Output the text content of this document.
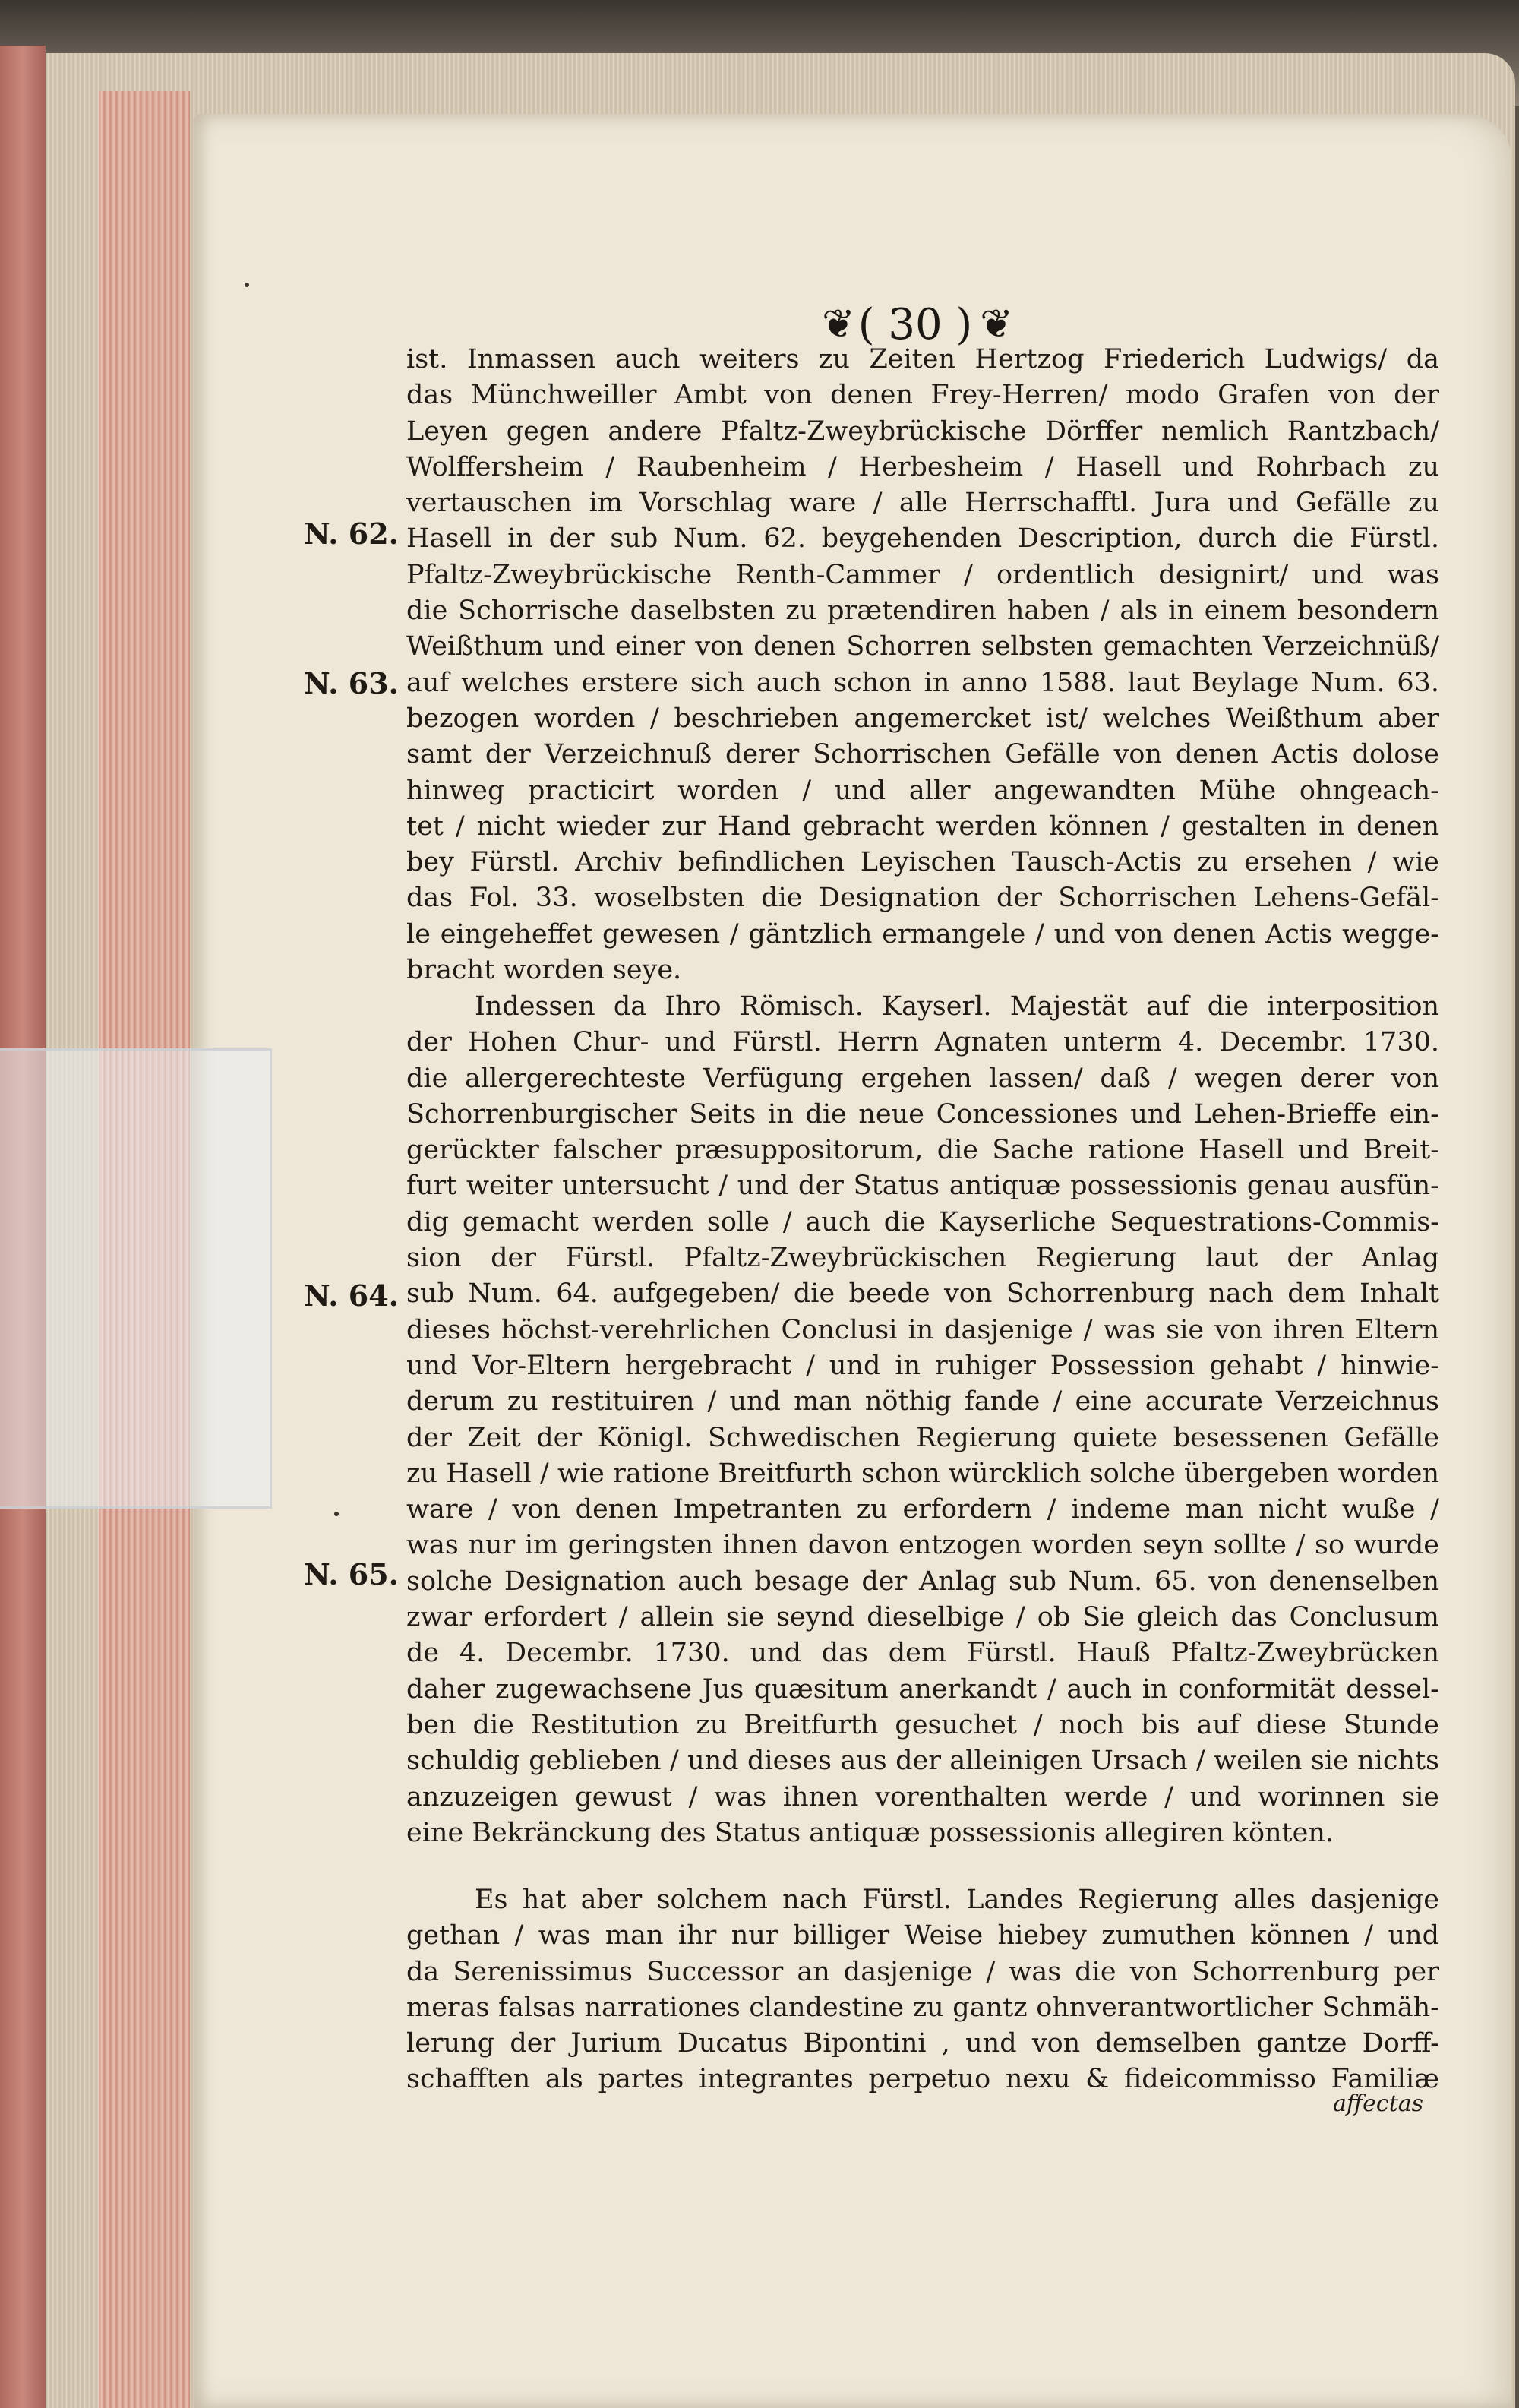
❦ ( 30 ) ❦
N. 62.
N. 63.
N. 64.
N. 65.
ist. Inmassen auch weiters zu Zeiten Hertzog Friederich Ludwigs/ da
das Münchweiller Ambt von denen Frey-Herren/ modo Grafen von der
Leyen gegen andere Pfaltz-Zweybrückische Dörffer nemlich Rantzbach/
Wolffersheim / Raubenheim / Herbesheim / Hasell und Rohrbach zu
vertauschen im Vorschlag ware / alle Herrschafftl. Jura und Gefälle zu
Hasell in der sub Num. 62. beygehenden Description, durch die Fürstl.
Pfaltz-Zweybrückische Renth-Cammer / ordentlich designirt/ und was
die Schorrische daselbsten zu prætendiren haben / als in einem besondern
Weißthum und einer von denen Schorren selbsten gemachten Verzeichnüß/
auf welches erstere sich auch schon in anno 1588. laut Beylage Num. 63.
bezogen worden / beschrieben angemercket ist/ welches Weißthum aber
samt der Verzeichnuß derer Schorrischen Gefälle von denen Actis dolose
hinweg practicirt worden / und aller angewandten Mühe ohngeach-
tet / nicht wieder zur Hand gebracht werden können / gestalten in denen
bey Fürstl. Archiv befindlichen Leyischen Tausch-Actis zu ersehen / wie
das Fol. 33. woselbsten die Designation der Schorrischen Lehens-Gefäl-
le eingeheffet gewesen / gäntzlich ermangele / und von denen Actis wegge-
bracht worden seye.
Indessen da Ihro Römisch. Kayserl. Majestät auf die interposition
der Hohen Chur- und Fürstl. Herrn Agnaten unterm 4. Decembr. 1730.
die allergerechteste Verfügung ergehen lassen/ daß / wegen derer von
Schorrenburgischer Seits in die neue Concessiones und Lehen-Brieffe ein-
gerückter falscher præsuppositorum, die Sache ratione Hasell und Breit-
furt weiter untersucht / und der Status antiquæ possessionis genau ausfün-
dig gemacht werden solle / auch die Kayserliche Sequestrations-Commis-
sion der Fürstl. Pfaltz-Zweybrückischen Regierung laut der Anlag
sub Num. 64. aufgegeben/ die beede von Schorrenburg nach dem Inhalt
dieses höchst-verehrlichen Conclusi in dasjenige / was sie von ihren Eltern
und Vor-Eltern hergebracht / und in ruhiger Possession gehabt / hinwie-
derum zu restituiren / und man nöthig fande / eine accurate Verzeichnus
der Zeit der Königl. Schwedischen Regierung quiete besessenen Gefälle
zu Hasell / wie ratione Breitfurth schon würcklich solche übergeben worden
ware / von denen Impetranten zu erfordern / indeme man nicht wuße /
was nur im geringsten ihnen davon entzogen worden seyn sollte / so wurde
solche Designation auch besage der Anlag sub Num. 65. von denenselben
zwar erfordert / allein sie seynd dieselbige / ob Sie gleich das Conclusum
de 4. Decembr. 1730. und das dem Fürstl. Hauß Pfaltz-Zweybrücken
daher zugewachsene Jus quæsitum anerkandt / auch in conformität dessel-
ben die Restitution zu Breitfurth gesuchet / noch bis auf diese Stunde
schuldig geblieben / und dieses aus der alleinigen Ursach / weilen sie nichts
anzuzeigen gewust / was ihnen vorenthalten werde / und worinnen sie
eine Bekränckung des Status antiquæ possessionis allegiren könten.
Es hat aber solchem nach Fürstl. Landes Regierung alles dasjenige
gethan / was man ihr nur billiger Weise hiebey zumuthen können / und
da Serenissimus Successor an dasjenige / was die von Schorrenburg per
meras falsas narrationes clandestine zu gantz ohnverantwortlicher Schmäh-
lerung der Jurium Ducatus Bipontini , und von demselben gantze Dorff-
schafften als partes integrantes perpetuo nexu & fideicommisso Familiæ
affectas
